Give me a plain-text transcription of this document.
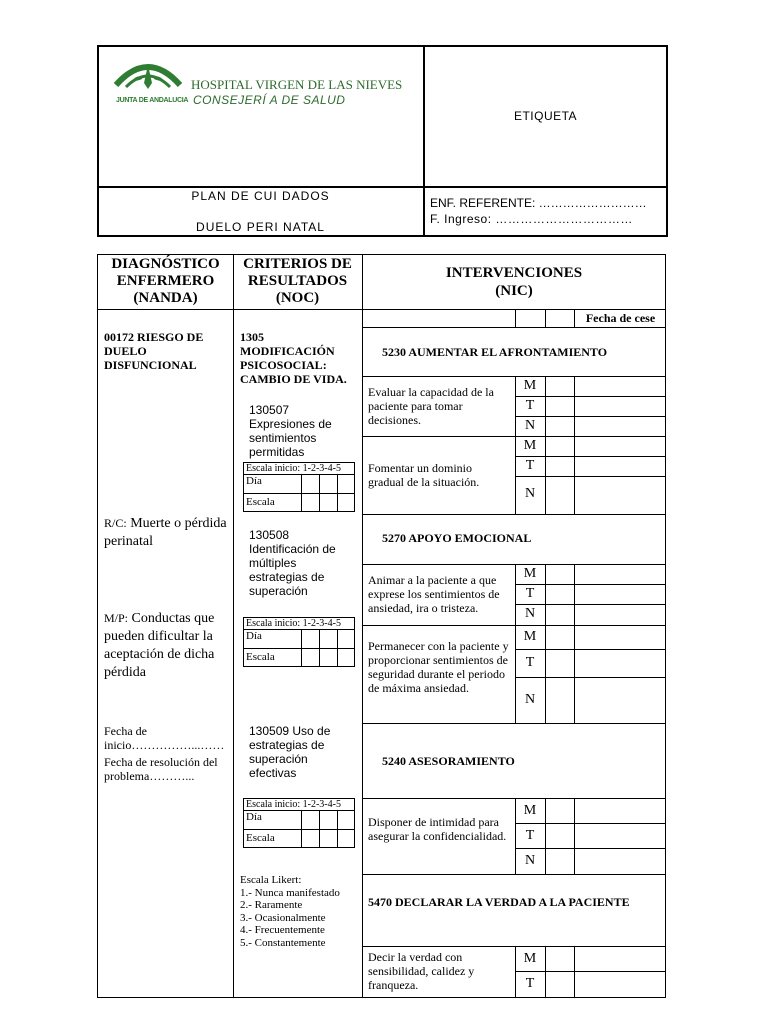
JUNTA DE ANDALUCIA
HOSPITAL VIRGEN DE LAS NIEVES
CONSEJERÍ A DE SALUD
ETIQUETA
PLAN DE CUI DADOS
DUELO PERI NATAL
ENF. REFERENTE: ………………………
F. Ingreso: ……………………………
DIAGNÓSTICO ENFERMERO (NANDA)
CRITERIOS DE RESULTADOS (NOC)
INTERVENCIONES
(NIC)
Fecha de cese
00172 RIESGO DE DUELO DISFUNCIONAL
R/C: Muerte o pérdida perinatal
M/P: Conductas que pueden dificultar la aceptación de dicha pérdida
Fecha de inicio……………...……
Fecha de resolución del problema………...
1305 MODIFICACIÓN PSICOSOCIAL: CAMBIO DE VIDA.
130507 Expresiones de sentimientos permitidas
130508 Identificación de múltiples estrategias de superación
130509 Uso de estrategias de superación efectivas
Escala inicio: 1-2-3-4-5
Día
Escala
Escala inicio: 1-2-3-4-5
Día
Escala
Escala inicio: 1-2-3-4-5
Día
Escala
Escala Likert:
1.- Nunca manifestado
2.- Raramente
3.- Ocasionalmente
4.- Frecuentemente
5.- Constantemente
5230 AUMENTAR EL AFRONTAMIENTO
5270 APOYO EMOCIONAL
5240 ASESORAMIENTO
5470 DECLARAR LA VERDAD A LA PACIENTE
Evaluar la capacidad de la paciente para tomar decisiones.
Fomentar un dominio gradual de la situación.
Animar a la paciente a que exprese los sentimientos de ansiedad, ira o tristeza.
Permanecer con la paciente y proporcionar sentimientos de seguridad durante el periodo de máxima ansiedad.
Disponer de intimidad para asegurar la confidencialidad.
Decir la verdad con sensibilidad, calidez y franqueza.
M
T
N
M
T
N
M
T
N
M
T
N
M
T
N
M
T
